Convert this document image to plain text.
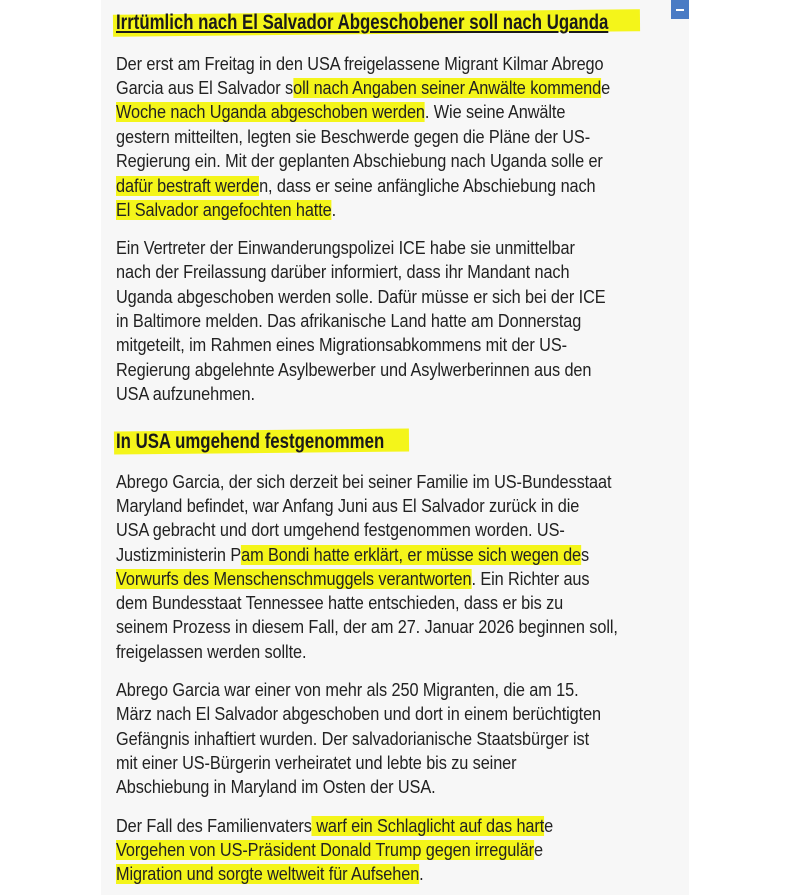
Irrtümlich nach El Salvador Abgeschobener soll nach Uganda
Der erst am Freitag in den USA freigelassene Migrant Kilmar Abrego
Garcia aus El Salvador soll nach Angaben seiner Anwälte kommende
Woche nach Uganda abgeschoben werden. Wie seine Anwälte
gestern mitteilten, legten sie Beschwerde gegen die Pläne der US-
Regierung ein. Mit der geplanten Abschiebung nach Uganda solle er
dafür bestraft werden, dass er seine anfängliche Abschiebung nach
El Salvador angefochten hatte.
Ein Vertreter der Einwanderungspolizei ICE habe sie unmittelbar
nach der Freilassung darüber informiert, dass ihr Mandant nach
Uganda abgeschoben werden solle. Dafür müsse er sich bei der ICE
in Baltimore melden. Das afrikanische Land hatte am Donnerstag
mitgeteilt, im Rahmen eines Migrationsabkommens mit der US-
Regierung abgelehnte Asylbewerber und Asylwerberinnen aus den
USA aufzunehmen.
In USA umgehend festgenommen
Abrego Garcia, der sich derzeit bei seiner Familie im US-Bundesstaat
Maryland befindet, war Anfang Juni aus El Salvador zurück in die
USA gebracht und dort umgehend festgenommen worden. US-
Justizministerin Pam Bondi hatte erklärt, er müsse sich wegen des
Vorwurfs des Menschenschmuggels verantworten. Ein Richter aus
dem Bundesstaat Tennessee hatte entschieden, dass er bis zu
seinem Prozess in diesem Fall, der am 27. Januar 2026 beginnen soll,
freigelassen werden sollte.
Abrego Garcia war einer von mehr als 250 Migranten, die am 15.
März nach El Salvador abgeschoben und dort in einem berüchtigten
Gefängnis inhaftiert wurden. Der salvadorianische Staatsbürger ist
mit einer US-Bürgerin verheiratet und lebte bis zu seiner
Abschiebung in Maryland im Osten der USA.
Der Fall des Familienvaters warf ein Schlaglicht auf das harte
Vorgehen von US-Präsident Donald Trump gegen irreguläre
Migration und sorgte weltweit für Aufsehen.
